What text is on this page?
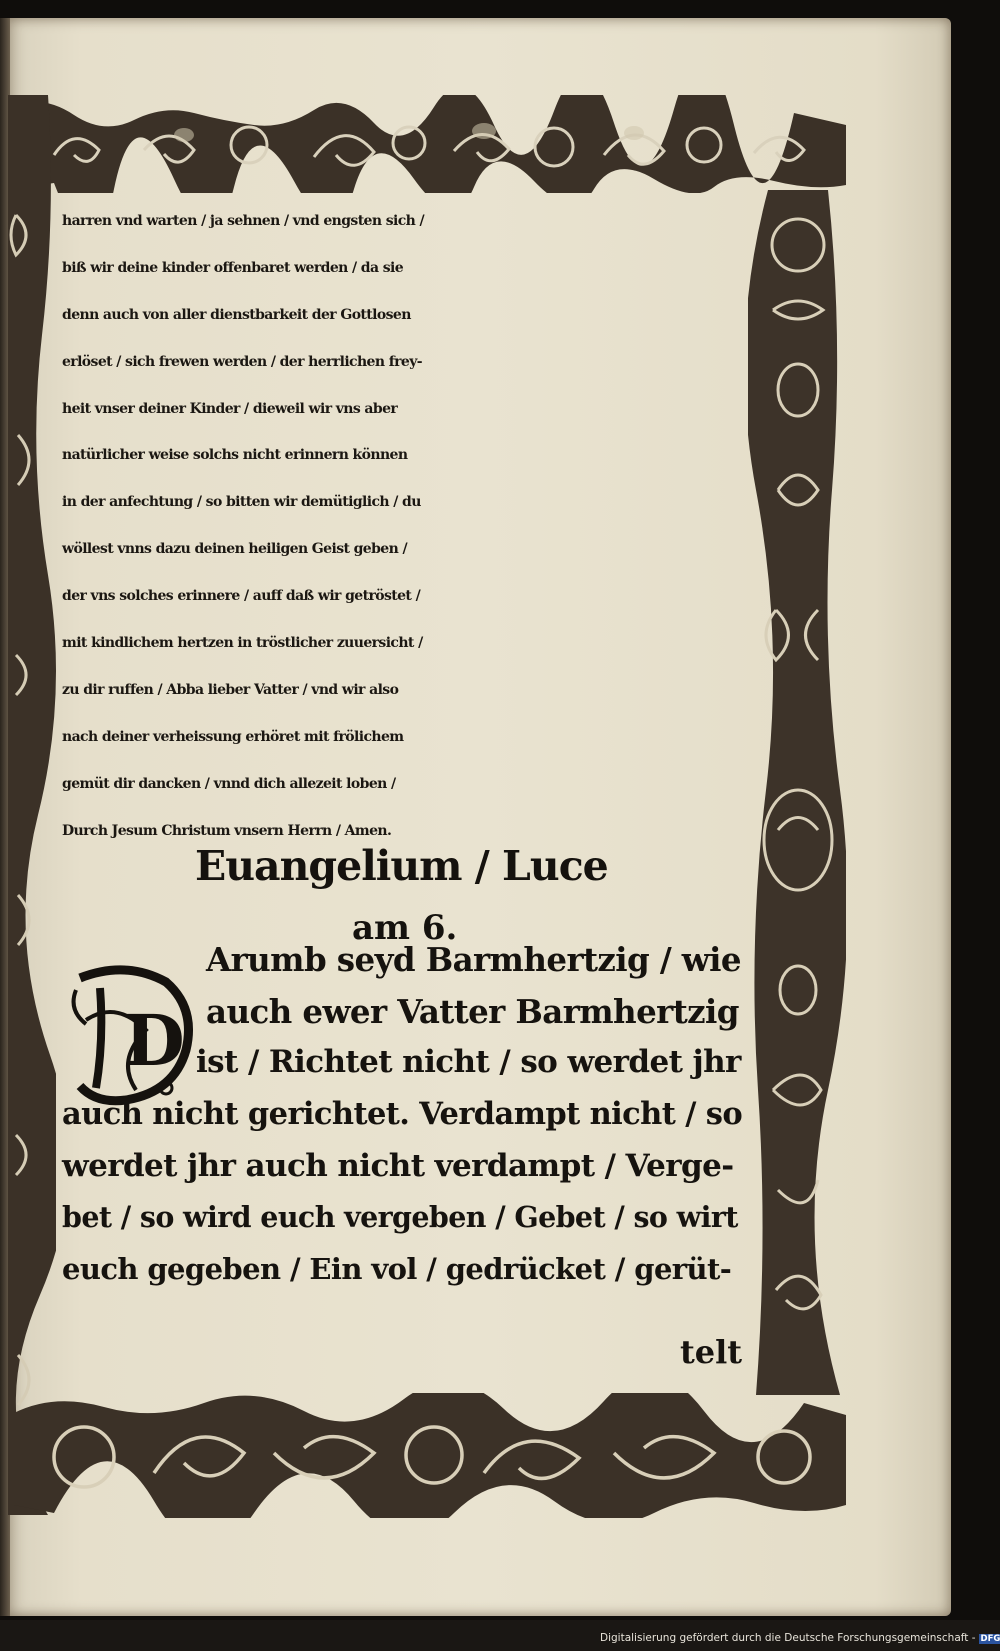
harren vnd warten / ja sehnen / vnd engsten sich /
biß wir deine kinder offenbaret werden / da sie
denn auch von aller dienstbarkeit der Gottlosen
erlöset / sich frewen werden / der herrlichen frey-
heit vnser deiner Kinder / dieweil wir vns aber
natürlicher weise solchs nicht erinnern können
in der anfechtung / so bitten wir demütiglich / du
wöllest vnns dazu deinen heiligen Geist geben /
der vns solches erinnere / auff daß wir getröstet /
mit kindlichem hertzen in tröstlicher zuuersicht /
zu dir ruffen / Abba lieber Vatter / vnd wir also
nach deiner verheissung erhöret mit frölichem
gemüt dir dancken / vnnd dich allezeit loben /
Durch Jesum Christum vnsern Herrn / Amen.
Euangelium / Luce
am 6.
D
Arumb seyd Barmhertzig / wie
auch ewer Vatter Barmhertzig
ist / Richtet nicht / so werdet jhr
auch nicht gerichtet. Verdampt nicht / so
werdet jhr auch nicht verdampt / Verge-
bet / so wird euch vergeben / Gebet / so wirt
euch gegeben / Ein vol / gedrücket / gerüt-
telt
Digitalisierung gefördert durch die Deutsche Forschungsgemeinschaft - DFG
